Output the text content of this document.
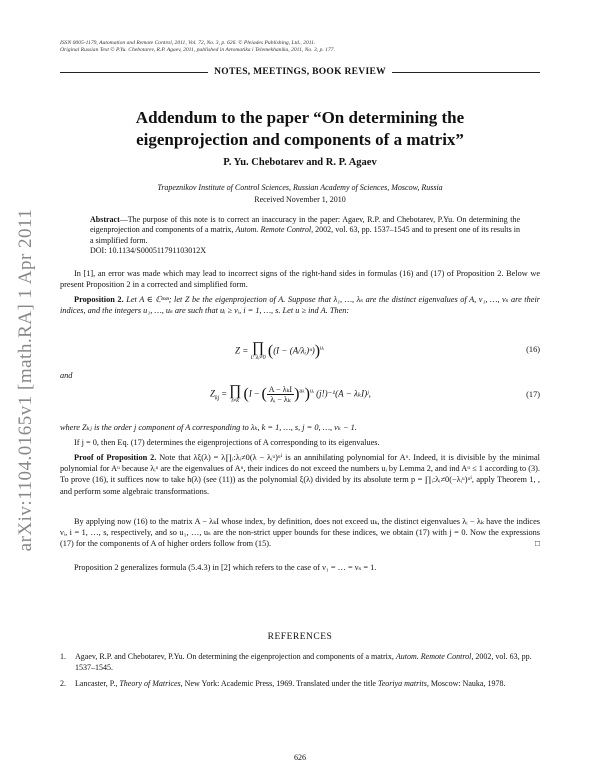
arXiv:1104.0165v1 [math.RA] 1 Apr 2011
ISSN 0005-1179, Automation and Remote Control, 2011, Vol. 72, No. 3, p. 626. © Pleiades Publishing, Ltd., 2011.
Original Russian Text © P.Yu. Chebotarev, R.P. Agaev, 2011, published in Avtomatika i Telemekhanika, 2011, No. 3, p. 177.
NOTES, MEETINGS, BOOK REVIEW
Addendum to the paper “On determining the
eigenprojection and components of a matrix”
P. Yu. Chebotarev and R. P. Agaev
Trapeznikov Institute of Control Sciences, Russian Academy of Sciences, Moscow, Russia
Received November 1, 2010
Abstract—The purpose of this note is to correct an inaccuracy in the paper: Agaev, R.P. and Chebotarev, P.Yu. On determining the eigenprojection and components of a matrix, Autom. Remote Control, 2002, vol. 63, pp. 1537–1545 and to present one of its results in a simplified form.
DOI: 10.1134/S000511791103012X
In [1], an error was made which may lead to incorrect signs of the right-hand sides in formulas (16) and (17) of Proposition 2. Below we present Proposition 2 in a corrected and simplified form.
Proposition 2. Let A ∈ ℂⁿˣⁿ; let Z be the eigenprojection of A. Suppose that λ₁, …, λₛ are the distinct eigenvalues of A, ν₁, …, νₛ are their indices, and the integers u₁, …, uₛ are such that uᵢ ≥ νᵢ, i = 1, …, s. Let u ≥ ind A. Then:
Z = ∏
i: λᵢ≠0 ((I − (A/λᵢ)ᵘ))$^{uᵢ}$	(16)
and
$Z_{kj}$ = ∏
i≠k (I − ( $\frac{\text{A − λₖI}}{\text{λᵢ − λₖ}} )^{u_k})^{uᵢ}$ (j!)⁻¹(A − λₖI)ʲ,	(17)
where Zₖⱼ is the order j component of A corresponding to λₖ, k = 1, …, s, j = 0, …, νₖ − 1.
If j = 0, then Eq. (17) determines the eigenprojections of A corresponding to its eigenvalues.
Proof of Proposition 2. Note that λξ(λ) = λ∏ᵢ:λᵢ≠0(λ − λᵢᵘ)ᵘⁱ is an annihilating polynomial for Aᵘ. Indeed, it is divisible by the minimal polynomial for Aᵘ because λᵢᵘ are the eigenvalues of Aᵘ, their indices do not exceed the numbers uᵢ by Lemma 2, and ind Aᵘ ≤ 1 according to (3). To prove (16), it suffices now to take h(λ) (see (11)) as the polynomial ξ(λ) divided by its absolute term p = ∏ᵢ:λᵢ≠0(−λᵢᵘ)ᵘⁱ, apply Theorem 1, , and perform some algebraic transformations.
By applying now (16) to the matrix A − λₖI whose index, by definition, does not exceed uₖ, the distinct eigenvalues λᵢ − λₖ have the indices νᵢ, i = 1, …, s, respectively, and so u₁, …, uₛ are the non-strict upper bounds for these indices, we obtain (17) with j = 0. Now the expressions (17) for the components of A of higher orders follow from (15).	□
Proposition 2 generalizes formula (5.4.3) in [2] which refers to the case of ν₁ = … = νₛ = 1.
REFERENCES
1. Agaev, R.P. and Chebotarev, P.Yu. On determining the eigenprojection and components of a matrix, Autom. Remote Control, 2002, vol. 63, pp. 1537–1545.
2. Lancaster, P., Theory of Matrices, New York: Academic Press, 1969. Translated under the title Teoriya matrits, Moscow: Nauka, 1978.
626
